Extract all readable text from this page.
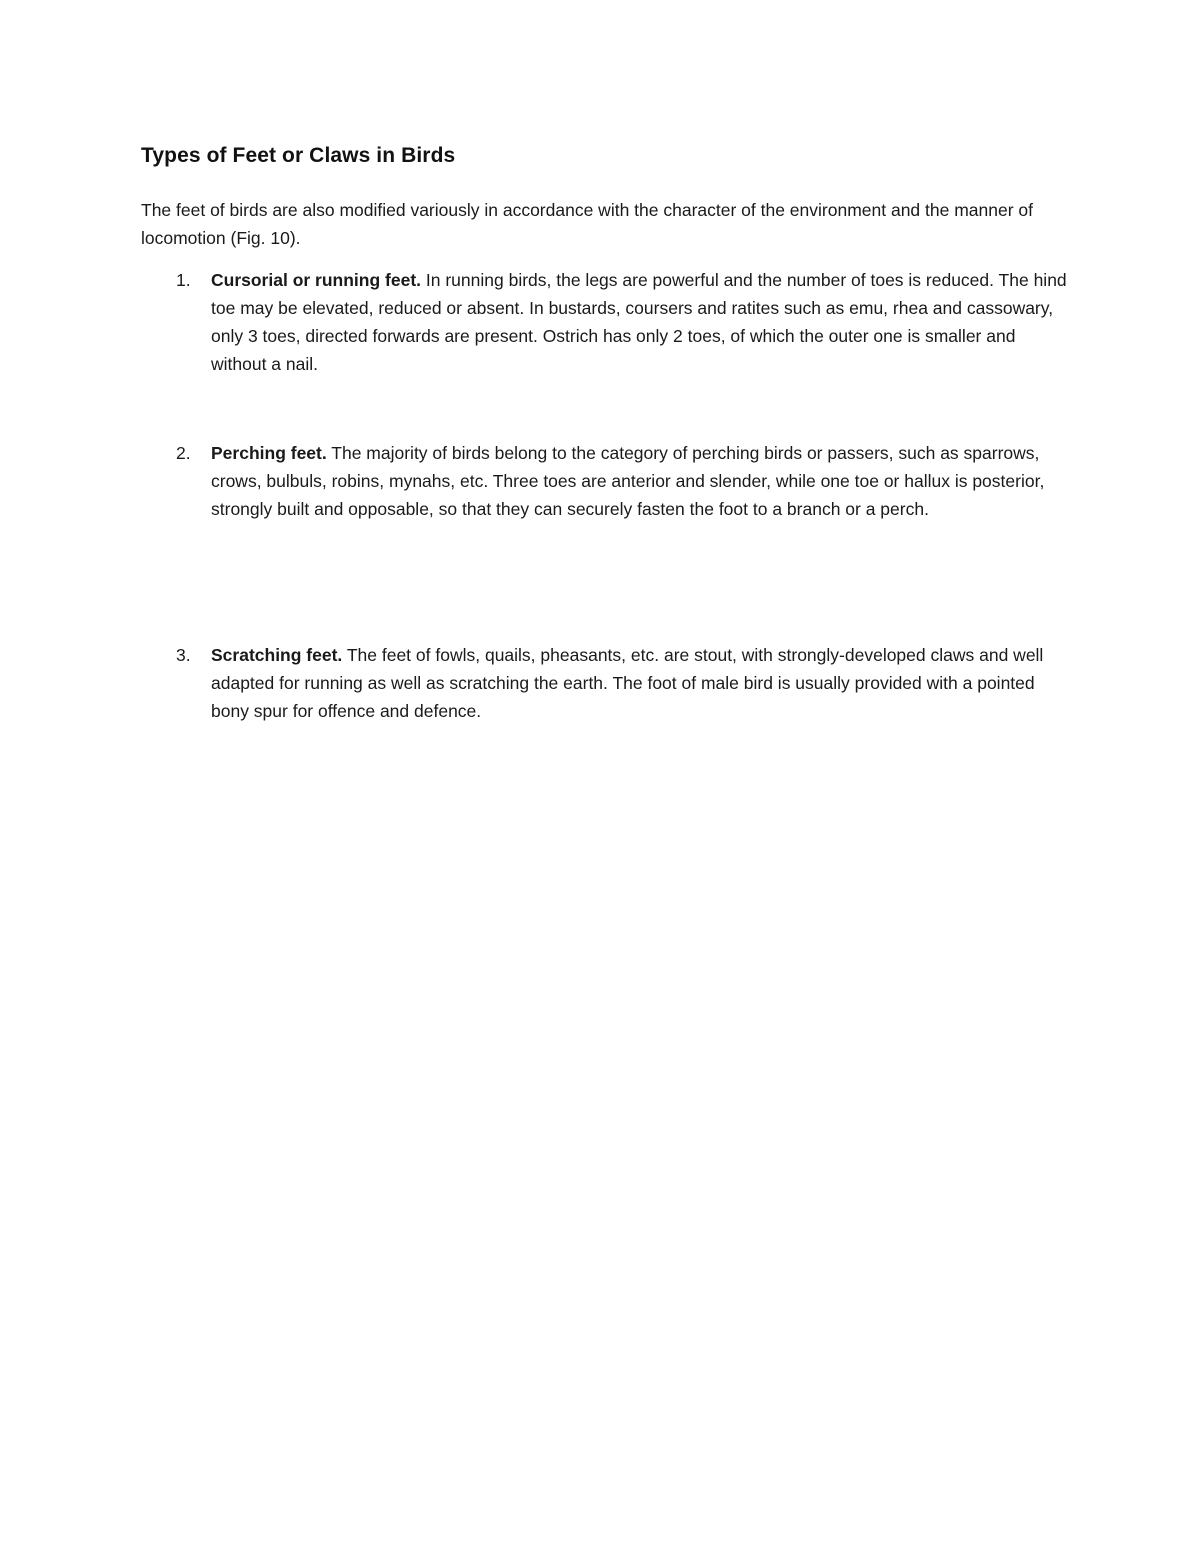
Types of Feet or Claws in Birds
The feet of birds are also modified variously in accordance with the character of the environment and the manner of locomotion (Fig. 10).
1.	Cursorial or running feet. In running birds, the legs are powerful and the number of toes is reduced. The hind toe may be elevated, reduced or absent. In bustards, coursers and ratites such as emu, rhea and cassowary, only 3 toes, directed forwards are present. Ostrich has only 2 toes, of which the outer one is smaller and without a nail.
2.	Perching feet. The majority of birds belong to the category of perching birds or passers, such as sparrows, crows, bulbuls, robins, mynahs, etc. Three toes are anterior and slender, while one toe or hallux is posterior, strongly built and opposable, so that they can securely fasten the foot to a branch or a perch.
3.	Scratching feet. The feet of fowls, quails, pheasants, etc. are stout, with strongly-developed claws and well adapted for running as well as scratching the earth. The foot of male bird is usually provided with a pointed bony spur for offence and defence.
